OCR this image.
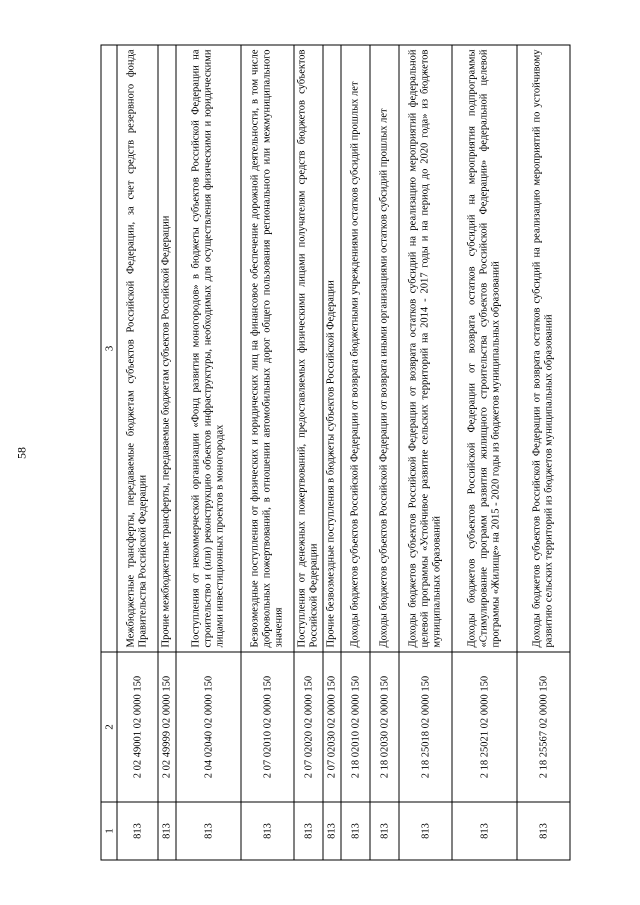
58
1	2	3
813	2 02 49001 02 0000 150	Межбюджетные трансферты, передаваемые бюджетам субъектов Российской Федерации, за счет средств резервного фонда Правительства Российской Федерации
813	2 02 49999 02 0000 150	Прочие межбюджетные трансферты, передаваемые бюджетам субъектов Российской Федерации
813	2 04 02040 02 0000 150	Поступления от некоммерческой организации «Фонд развития моногородов» в бюджеты субъектов Российской Федерации на строительство и (или) реконструкцию объектов инфраструктуры, необходимых для осуществления физическими и юридическими лицами инвестиционных проектов в моногородах
813	2 07 02010 02 0000 150	Безвозмездные поступления от физических и юридических лиц на финансовое обеспечение дорожной деятельности, в том числе добровольных пожертвований, в отношении автомобильных дорог общего пользования регионального или межмуниципального значения
813	2 07 02020 02 0000 150	Поступления от денежных пожертвований, предоставляемых физическими лицами получателям средств бюджетов субъектов Российской Федерации
813	2 07 02030 02 0000 150	Прочие безвозмездные поступления в бюджеты субъектов Российской Федерации
813	2 18 02010 02 0000 150	Доходы бюджетов субъектов Российской Федерации от возврата бюджетными учреждениями остатков субсидий прошлых лет
813	2 18 02030 02 0000 150	Доходы бюджетов субъектов Российской Федерации от возврата иными организациями остатков субсидий прошлых лет
813	2 18 25018 02 0000 150	Доходы бюджетов субъектов Российской Федерации от возврата остатков субсидий на реализацию мероприятий федеральной целевой программы «Устойчивое развитие сельских территорий на 2014 - 2017 годы и на период до 2020 года» из бюджетов муниципальных образований
813	2 18 25021 02 0000 150	Доходы бюджетов субъектов Российской Федерации от возврата остатков субсидий на мероприятия подпрограммы «Стимулирование программ развития жилищного строительства субъектов Российской Федерации» федеральной целевой программы «Жилище» на 2015 - 2020 годы из бюджетов муниципальных образований
813	2 18 25567 02 0000 150	Доходы бюджетов субъектов Российской Федерации от возврата остатков субсидий на реализацию мероприятий по устойчивому развитию сельских территорий из бюджетов муниципальных образований
